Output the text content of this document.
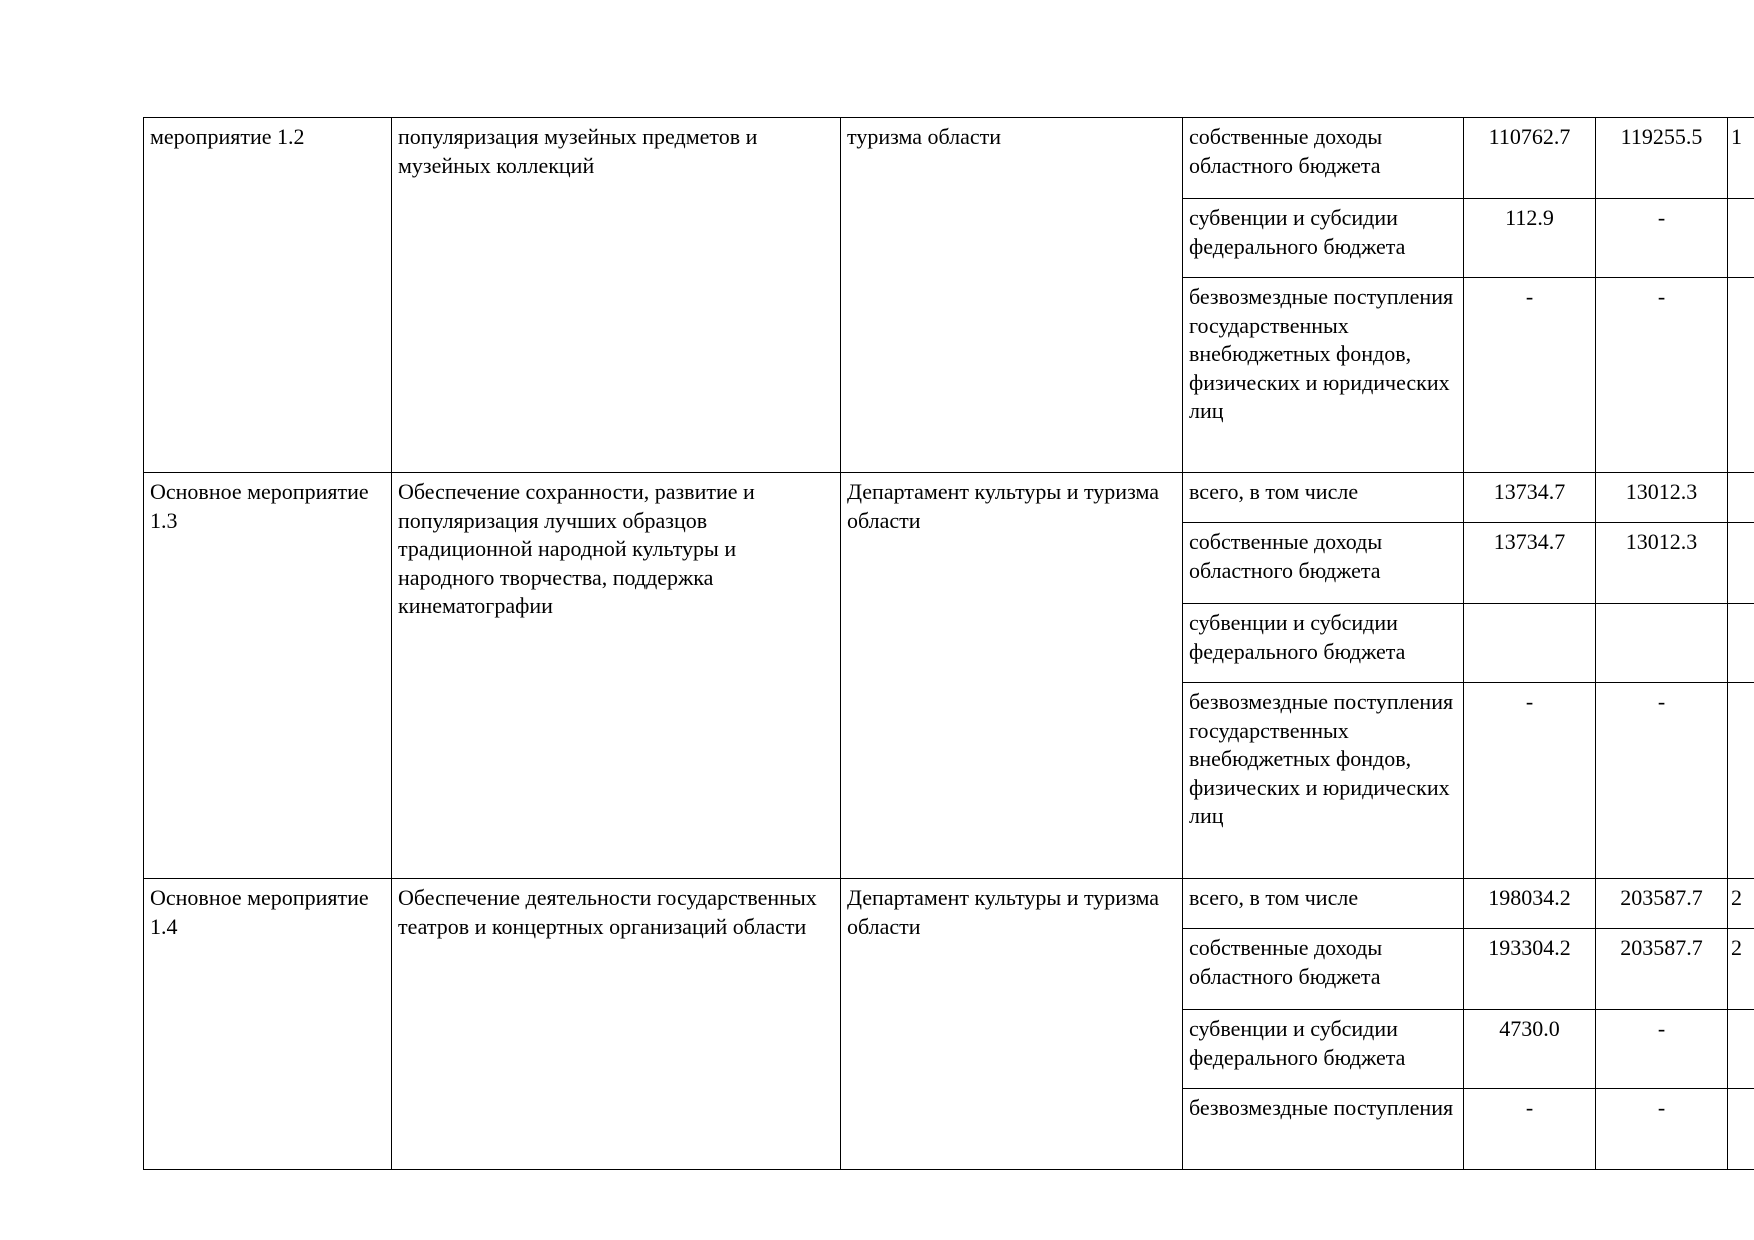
мероприятие 1.2	популяризация музейных предметов и музейных коллекций	туризма области	собственные доходы областного бюджета	110762.7	119255.5	1
			субвенции и субсидии федерального бюджета	112.9	-	
			безвозмездные поступления государственных внебюджетных фондов, физических и юридических лиц	-	-	
Основное мероприятие 1.3	Обеспечение сохранности, развитие и популяризация лучших образцов традиционной народной культуры и народного творчества, поддержка кинематографии	Департамент культуры и туризма области	всего, в том числе	13734.7	13012.3	
			собственные доходы областного бюджета	13734.7	13012.3	
			субвенции и субсидии федерального бюджета			
			безвозмездные поступления государственных внебюджетных фондов, физических и юридических лиц	-	-	
Основное мероприятие 1.4	Обеспечение деятельности государственных театров и концертных организаций области	Департамент культуры и туризма области	всего, в том числе	198034.2	203587.7	2
			собственные доходы областного бюджета	193304.2	203587.7	2
			субвенции и субсидии федерального бюджета	4730.0	-	
			безвозмездные поступления	-	-	
